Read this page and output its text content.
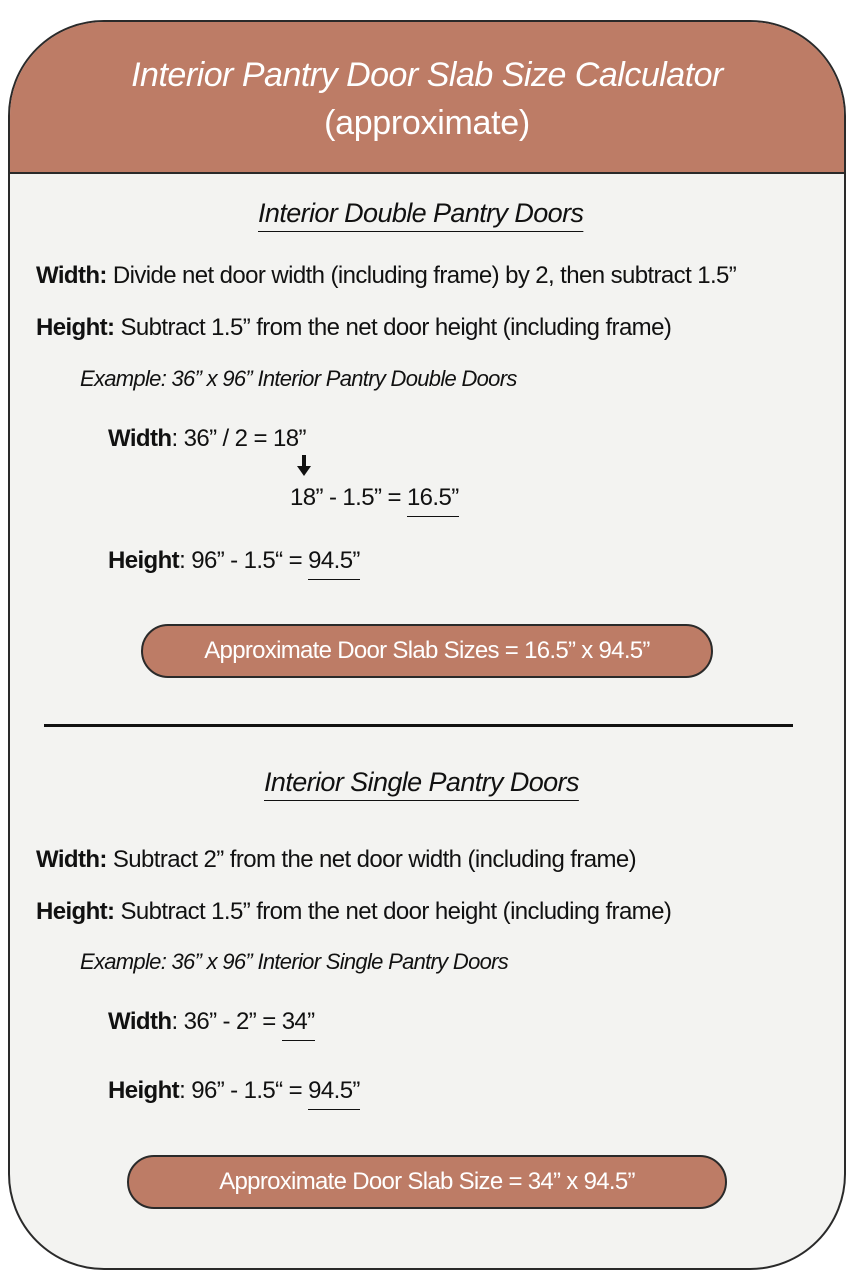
Interior Pantry Door Slab Size Calculator
(approximate)
Interior Double Pantry Doors
Width: Divide net door width (including frame) by 2, then subtract 1.5”
Height: Subtract 1.5” from the net door height (including frame)
Example: 36” x 96” Interior Pantry Double Doors
Width: 36” / 2 = 18”
18” - 1.5” = 16.5”
Height: 96” - 1.5“ = 94.5”
Approximate Door Slab Sizes = 16.5” x 94.5”
Interior Single Pantry Doors
Width: Subtract 2” from the net door width (including frame)
Height: Subtract 1.5” from the net door height (including frame)
Example: 36” x 96” Interior Single Pantry Doors
Width: 36” - 2” = 34”
Height: 96” - 1.5“ = 94.5”
Approximate Door Slab Size = 34” x 94.5”
